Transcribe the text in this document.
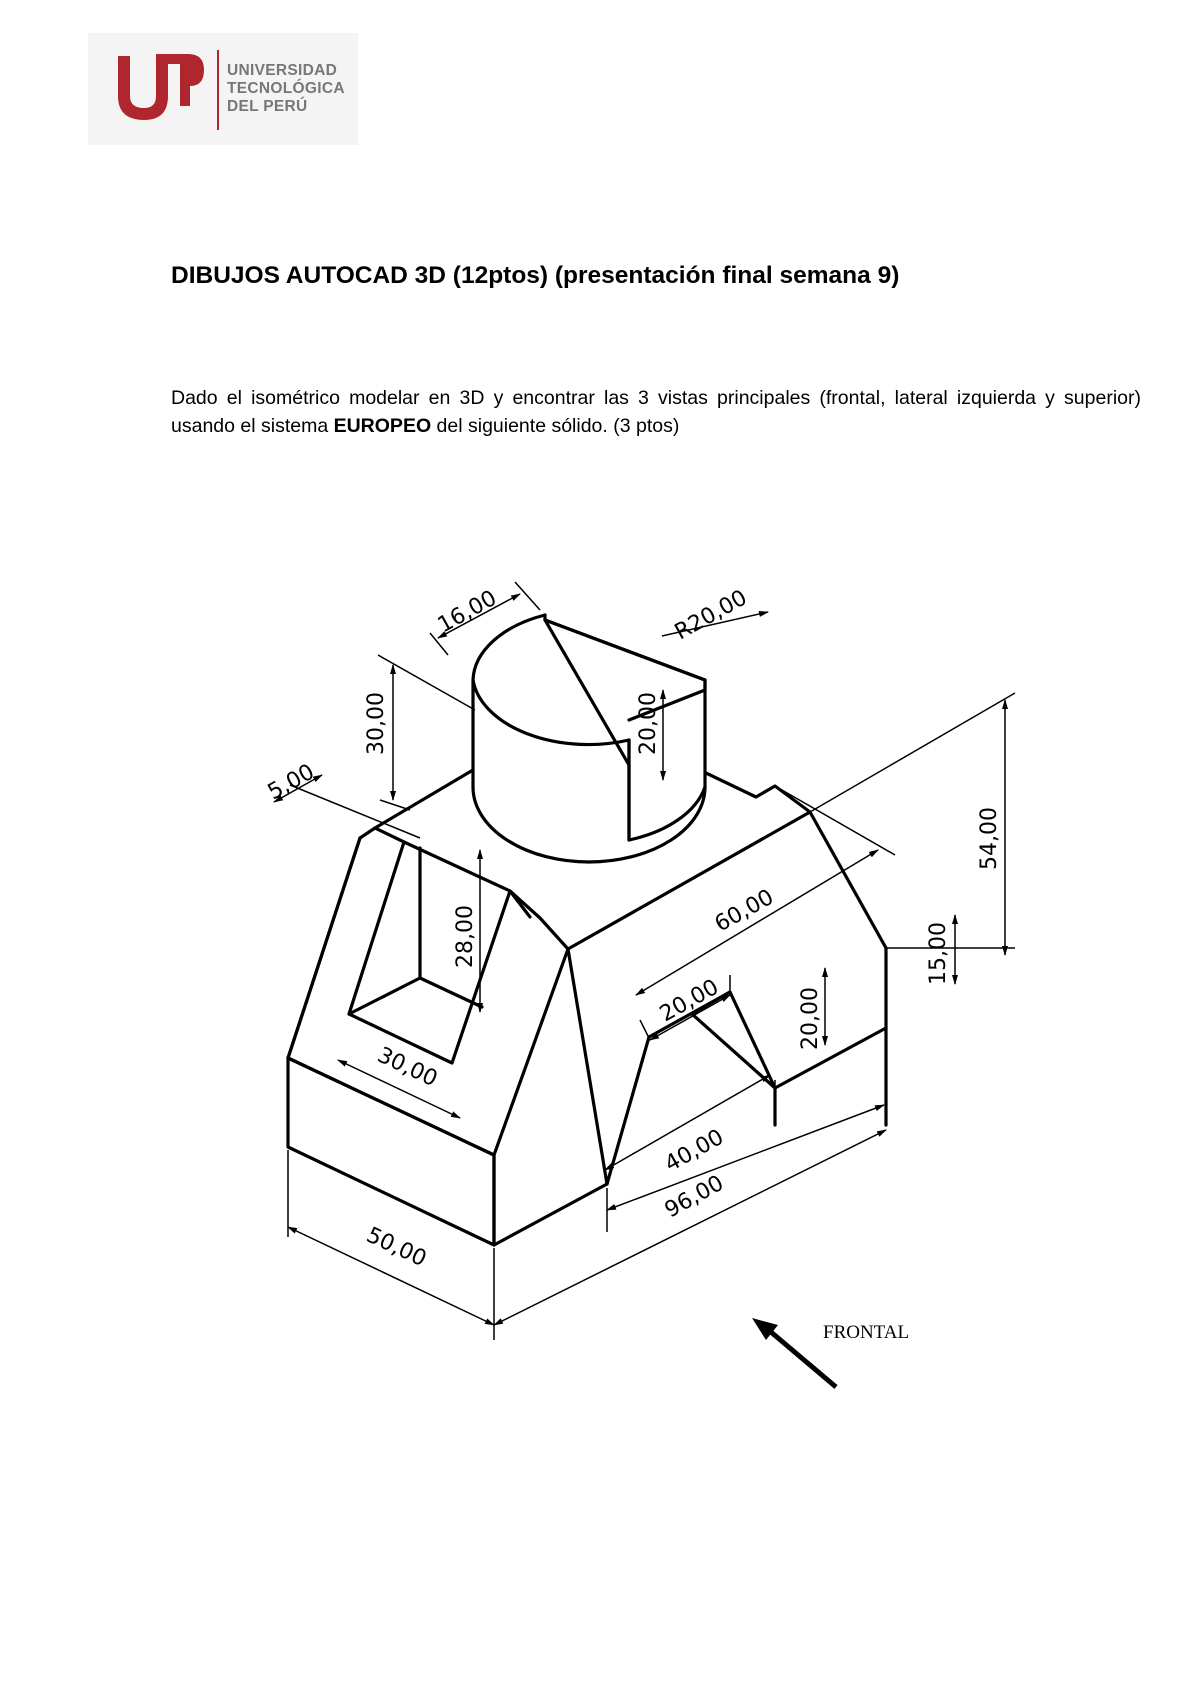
UNIVERSIDAD
TECNOLÓGICA
DEL PERÚ
DIBUJOS AUTOCAD 3D (12ptos) (presentación final semana 9)
Dado el isométrico modelar en 3D y encontrar las 3 vistas principales (frontal, lateral izquierda y superior) usando el sistema EUROPEO del siguiente sólido. (3 ptos)
16,00	R20,00
30,00	20,00
5,00
28,00
54,00
60,00
15,00
20,00	20,00
30,00
40,00
96,00
50,00
FRONTAL
